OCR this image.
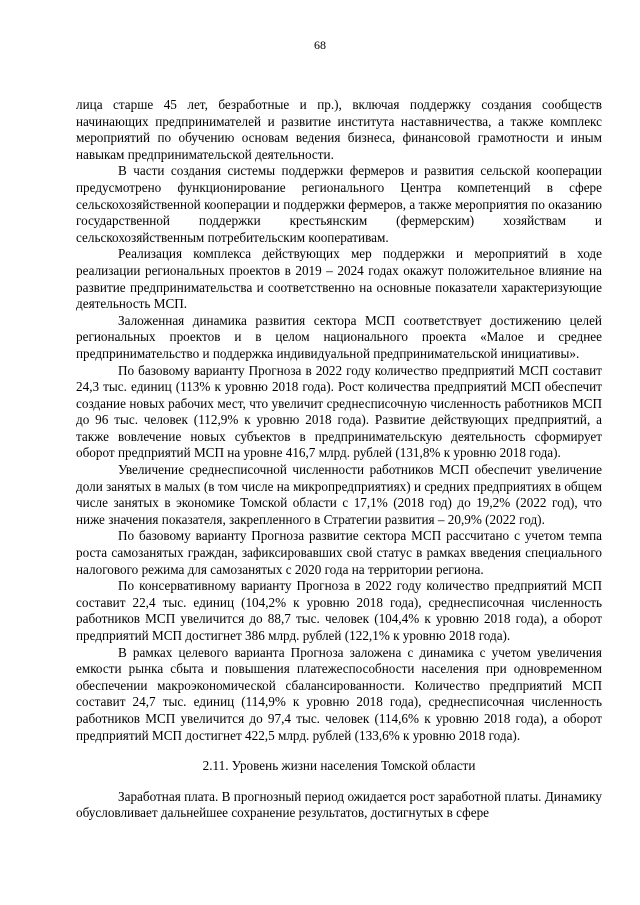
68

лица старше 45 лет, безработные и пр.), включая поддержку создания сообществ начинающих предпринимателей и развитие института наставничества, а также комплекс мероприятий по обучению основам ведения бизнеса, финансовой грамотности и иным навыкам предпринимательской деятельности.

В части создания системы поддержки фермеров и развития сельской кооперации предусмотрено функционирование регионального Центра компетенций в сфере сельскохозяйственной кооперации и поддержки фермеров, а также мероприятия по оказанию государственной поддержки крестьянским (фермерским) хозяйствам и сельскохозяйственным потребительским кооперативам.

Реализация комплекса действующих мер поддержки и мероприятий в ходе реализации региональных проектов в 2019 – 2024 годах окажут положительное влияние на развитие предпринимательства и соответственно на основные показатели характеризующие деятельность МСП.

Заложенная динамика развития сектора МСП соответствует достижению целей региональных проектов и в целом национального проекта «Малое и среднее предпринимательство и поддержка индивидуальной предпринимательской инициативы».

По базовому варианту Прогноза в 2022 году количество предприятий МСП составит 24,3 тыс. единиц (113% к уровню 2018 года). Рост количества предприятий МСП обеспечит создание новых рабочих мест, что увеличит среднесписочную численность работников МСП до 96 тыс. человек (112,9% к уровню 2018 года). Развитие действующих предприятий, а также вовлечение новых субъектов в предпринимательскую деятельность сформирует оборот предприятий МСП на уровне 416,7 млрд. рублей (131,8% к уровню 2018 года).

Увеличение среднесписочной численности работников МСП обеспечит увеличение доли занятых в малых (в том числе на микропредприятиях) и средних предприятиях в общем числе занятых в экономике Томской области с 17,1% (2018 год) до 19,2% (2022 год), что ниже значения показателя, закрепленного в Стратегии развития – 20,9% (2022 год).

По базовому варианту Прогноза развитие сектора МСП рассчитано с учетом темпа роста самозанятых граждан, зафиксировавших свой статус в рамках введения специального налогового режима для самозанятых с 2020 года на территории региона.

По консервативному варианту Прогноза в 2022 году количество предприятий МСП составит 22,4 тыс. единиц (104,2% к уровню 2018 года), среднесписочная численность работников МСП увеличится до 88,7 тыс. человек (104,4% к уровню 2018 года), а оборот предприятий МСП достигнет 386 млрд. рублей (122,1% к уровню 2018 года).

В рамках целевого варианта Прогноза заложена с динамика с учетом увеличения емкости рынка сбыта и повышения платежеспособности населения при одновременном обеспечении макроэкономической сбалансированности. Количество предприятий МСП составит 24,7 тыс. единиц (114,9% к уровню 2018 года), среднесписочная численность работников МСП увеличится до 97,4 тыс. человек (114,6% к уровню 2018 года), а оборот предприятий МСП достигнет 422,5 млрд. рублей (133,6% к уровню 2018 года).

2.11. Уровень жизни населения Томской области

Заработная плата. В прогнозный период ожидается рост заработной платы. Динамику обусловливает дальнейшее сохранение результатов, достигнутых в сфере
